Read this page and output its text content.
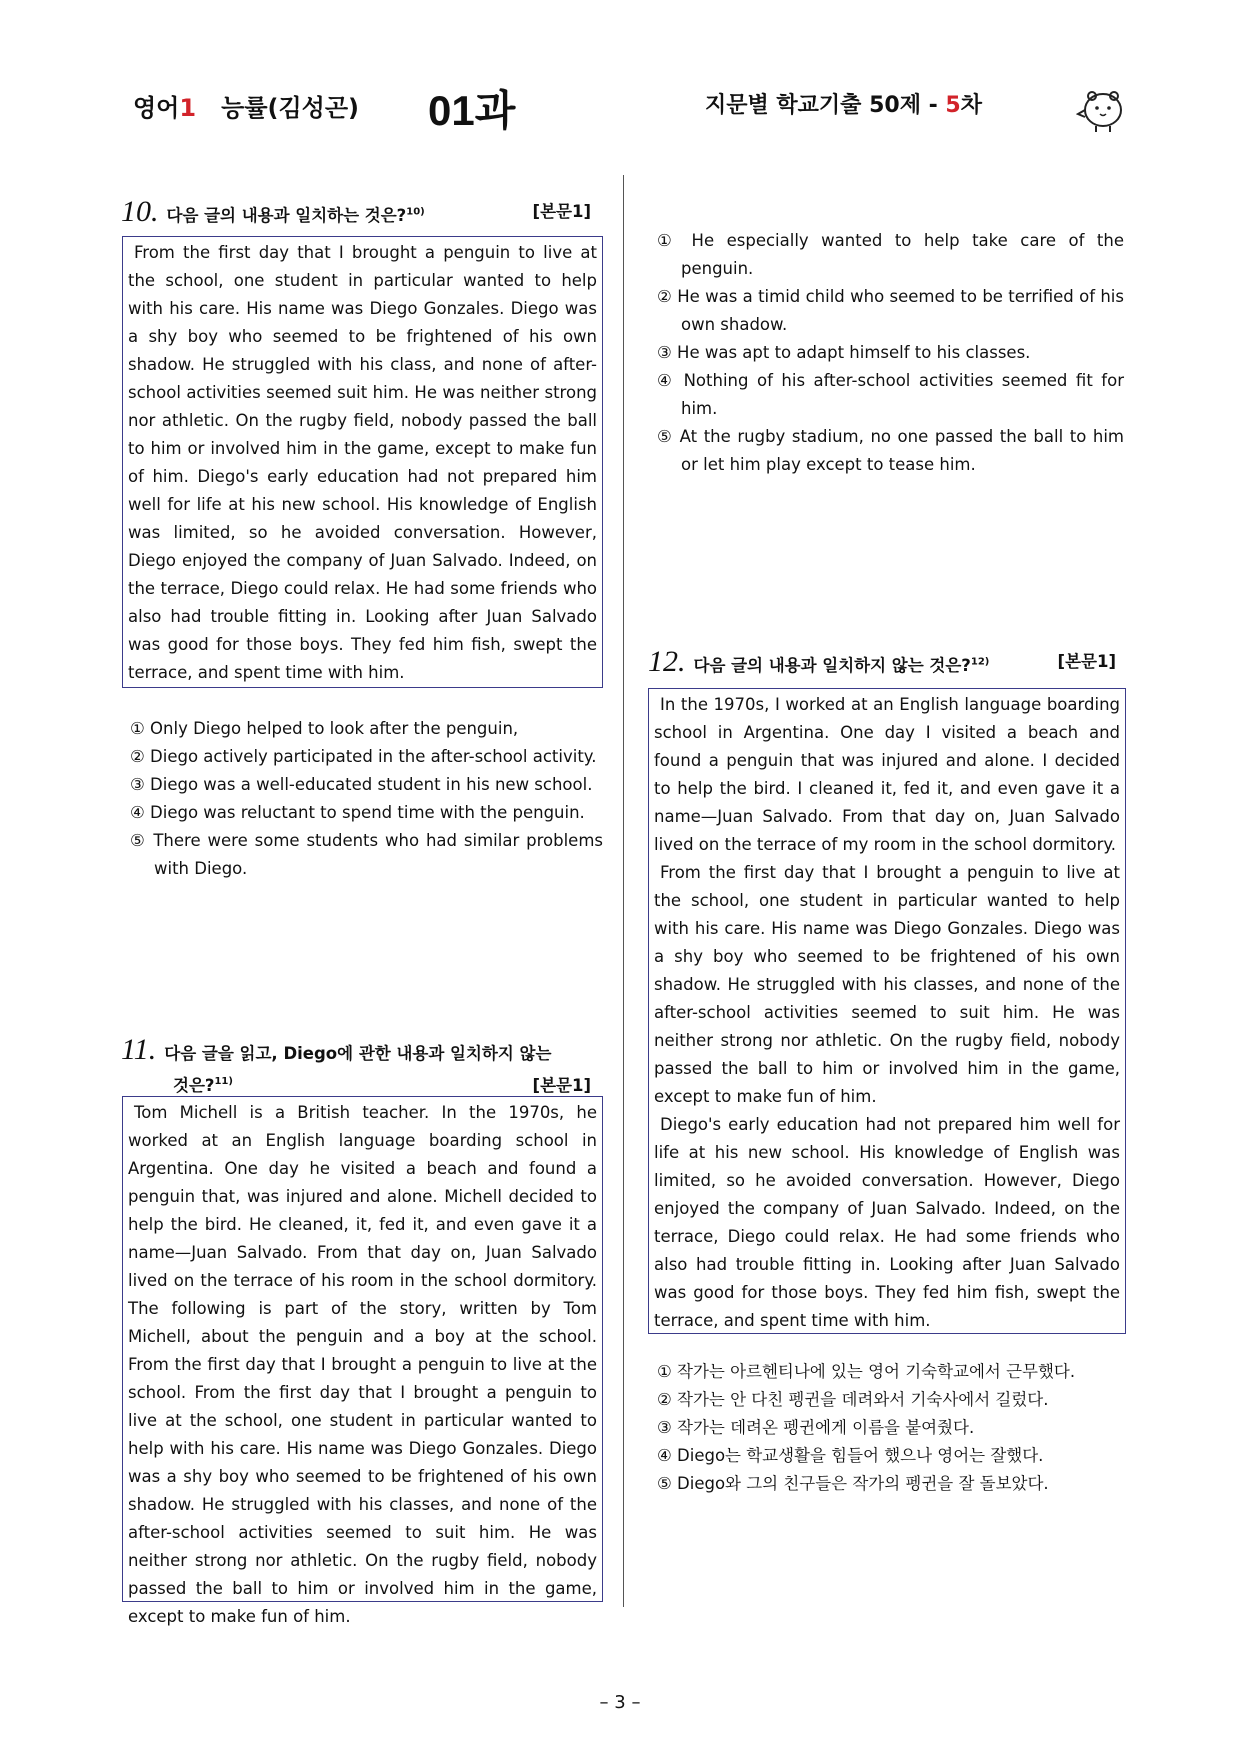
영어1 능률(김성곤) 01과	지문별 학교기출 50제 - 5차
10. 다음 글의 내용과 일치하는 것은?$^{10)}$	[본문1]

From the first day that I brought a penguin to live at the school, one student in particular wanted to help with his care. His name was Diego Gonzales. Diego was a shy boy who seemed to be frightened of his own shadow. He struggled with his class, and none of after-school activities seemed suit him. He was neither strong nor athletic. On the rugby field, nobody passed the ball to him or involved him in the game, except to make fun of him. Diego's early education had not prepared him well for life at his new school. His knowledge of English was limited, so he avoided conversation. However, Diego enjoyed the company of Juan Salvado. Indeed, on the terrace, Diego could relax. He had some friends who also had trouble fitting in. Looking after Juan Salvado was good for those boys. They fed him fish, swept the terrace, and spent time with him.

① Only Diego helped to look after the penguin,
② Diego actively participated in the after-school activity.
③ Diego was a well-educated student in his new school.
④ Diego was reluctant to spend time with the penguin.
⑤ There were some students who had similar problems with Diego.
11. 다음 글을 읽고, Diego에 관한 내용과 일치하지 않는
것은?$^{11)}$	[본문1]

Tom Michell is a British teacher. In the 1970s, he worked at an English language boarding school in Argentina. One day he visited a beach and found a penguin that, was injured and alone. Michell decided to help the bird. He cleaned, it, fed it, and even gave it a name—Juan Salvado. From that day on, Juan Salvado lived on the terrace of his room in the school dormitory. The following is part of the story, written by Tom Michell, about the penguin and a boy at the school. From the first day that I brought a penguin to live at the school. From the first day that I brought a penguin to live at the school, one student in particular wanted to help with his care. His name was Diego Gonzales. Diego was a shy boy who seemed to be frightened of his own shadow. He struggled with his classes, and none of the after-school activities seemed to suit him. He was neither strong nor athletic. On the rugby field, nobody passed the ball to him or involved him in the game, except to make fun of him.

① He especially wanted to help take care of the penguin.
② He was a timid child who seemed to be terrified of his own shadow.
③ He was apt to adapt himself to his classes.
④ Nothing of his after-school activities seemed fit for him.
⑤ At the rugby stadium, no one passed the ball to him or let him play except to tease him.
12. 다음 글의 내용과 일치하지 않는 것은?$^{12)}$	[본문1]

In the 1970s, I worked at an English language boarding school in Argentina. One day I visited a beach and found a penguin that was injured and alone. I decided to help the bird. I cleaned it, fed it, and even gave it a name—Juan Salvado. From that day on, Juan Salvado lived on the terrace of my room in the school dormitory.

From the first day that I brought a penguin to live at the school, one student in particular wanted to help with his care. His name was Diego Gonzales. Diego was a shy boy who seemed to be frightened of his own shadow. He struggled with his classes, and none of the after-school activities seemed to suit him. He was neither strong nor athletic. On the rugby field, nobody passed the ball to him or involved him in the game, except to make fun of him.

Diego's early education had not prepared him well for life at his new school. His knowledge of English was limited, so he avoided conversation. However, Diego enjoyed the company of Juan Salvado. Indeed, on the terrace, Diego could relax. He had some friends who also had trouble fitting in. Looking after Juan Salvado was good for those boys. They fed him fish, swept the terrace, and spent time with him.

① 작가는 아르헨티나에 있는 영어 기숙학교에서 근무했다.
② 작가는 안 다친 펭귄을 데려와서 기숙사에서 길렀다.
③ 작가는 데려온 펭귄에게 이름을 붙여줬다.
④ Diego는 학교생활을 힘들어 했으나 영어는 잘했다.
⑤ Diego와 그의 친구들은 작가의 펭귄을 잘 돌보았다.
– 3 –
